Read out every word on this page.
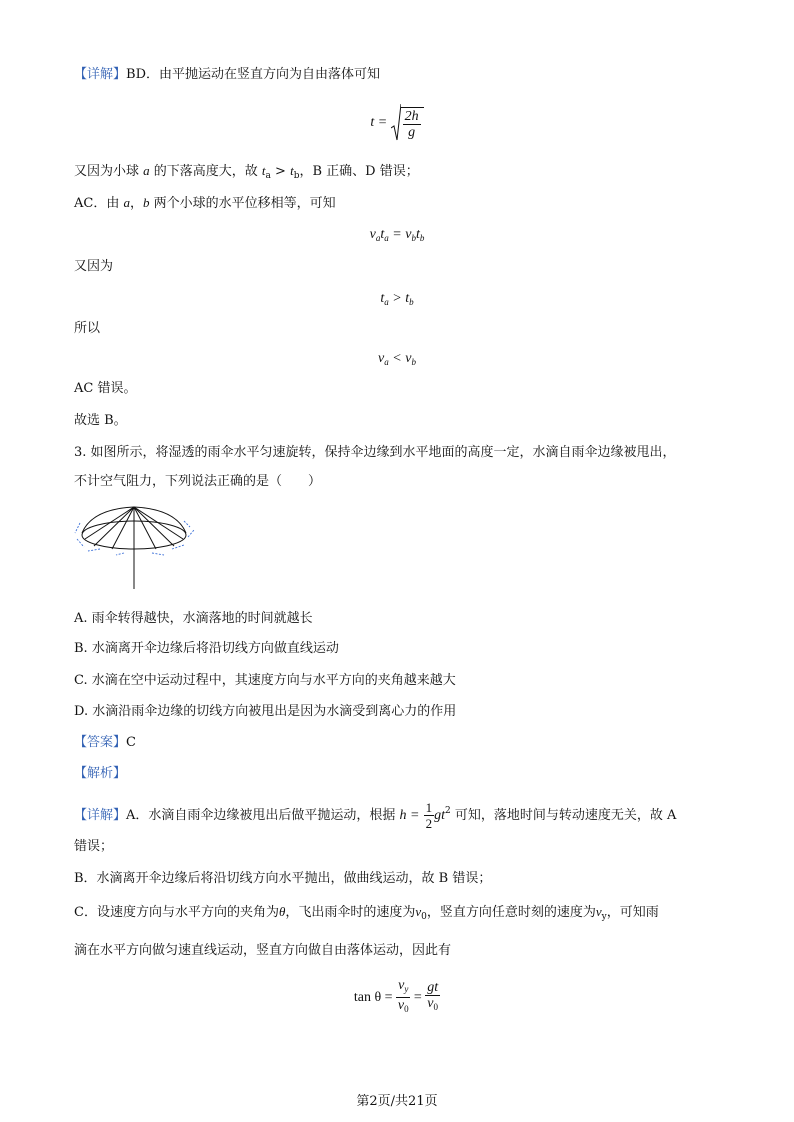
【详解】BD．由平抛运动在竖直方向为自由落体可知
$t = \frac{2h}{g}$
又因为小球 a 的下落高度大，故 $t_a > t_b$，B 正确、D 错误；
AC．由 a，b 两个小球的水平位移相等，可知
$v_at_a = v_bt_b$
又因为
$t_a > t_b$
所以
$v_a < v_b$
AC 错误。
故选 B。
3. 如图所示，将湿透的雨伞水平匀速旋转，保持伞边缘到水平地面的高度一定，水滴自雨伞边缘被甩出，
不计空气阻力，下列说法正确的是（　　）
A. 雨伞转得越快，水滴落地的时间就越长
B. 水滴离开伞边缘后将沿切线方向做直线运动
C. 水滴在空中运动过程中，其速度方向与水平方向的夹角越来越大
D. 水滴沿雨伞边缘的切线方向被甩出是因为水滴受到离心力的作用
【答案】C
【解析】
【详解】A．水滴自雨伞边缘被甩出后做平抛运动，根据 $h = \frac{1}{2} gt^2$ 可知，落地时间与转动速度无关，故 A
错误；
B．水滴离开伞边缘后将沿切线方向水平抛出，做曲线运动，故 B 错误；
C．设速度方向与水平方向的夹角为θ，飞出雨伞时的速度为$v_0$，竖直方向任意时刻的速度为$v_y$，可知雨
滴在水平方向做匀速直线运动，竖直方向做自由落体运动，因此有
$\tan \theta = \frac{v_y}{v_0} = \frac{gt}{v_0}$
第2页/共21页
